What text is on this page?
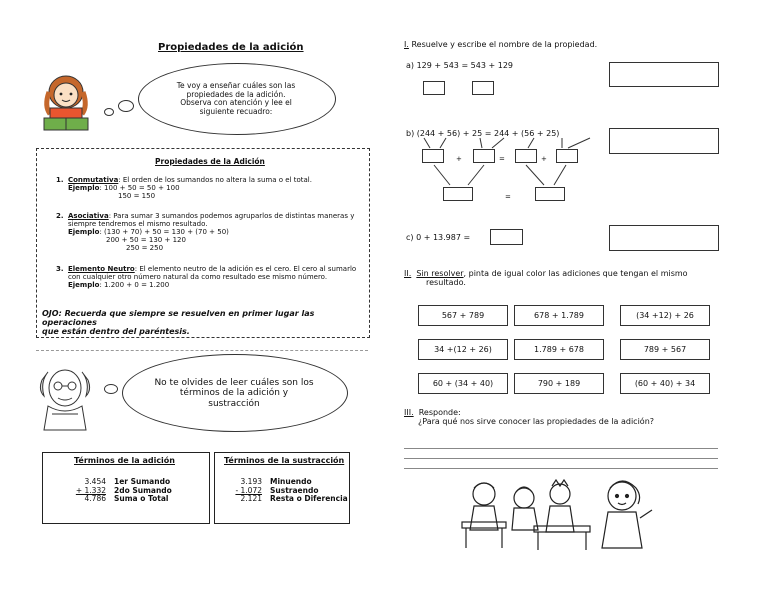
Propiedades de la adición
Te voy a enseñar cuáles son las
propiedades de la adición.
Observa con atención y lee el
siguiente recuadro:
Propiedades de la Adición
1. Conmutativa: El orden de los sumandos no altera la suma o el total.
Ejemplo: 100 + 50 = 50 + 100
150 = 150
2. Asociativa: Para sumar 3 sumandos podemos agruparlos de distintas maneras y
siempre tendremos el mismo resultado.
Ejemplo: (130 + 70) + 50 = 130 + (70 + 50)
200 + 50 = 130 + 120
250 = 250
3. Elemento Neutro: El elemento neutro de la adición es el cero. El cero al sumarlo
con cualquier otro número natural da como resultado ese mismo número.
Ejemplo: 1.200 + 0 = 1.200
OJO: Recuerda que siempre se resuelven en primer lugar las operaciones
que están dentro del paréntesis.
No te olvides de leer cuáles son los
términos de la adición y
sustracción
Términos de la adición
3.454 1er Sumando
+ 1.332 2do Sumando
4.786 Suma o Total
Términos de la sustracción
3.193 Minuendo
- 1.072 Sustraendo
2.121 Resta o Diferencia
I. Resuelve y escribe el nombre de la propiedad.
a) 129 + 543 = 543 + 129
b) (244 + 56) + 25 = 244 + (56 + 25)
+	=	+
=
c) 0 + 13.987 =
II. Sin resolver, pinta de igual color las adiciones que tengan el mismo
resultado.
567 + 789	678 + 1.789	(34 +12) + 26
34 +(12 + 26)	1.789 + 678	789 + 567
60 + (34 + 40)	790 + 189	(60 + 40) + 34
III. Responde:
¿Para qué nos sirve conocer las propiedades de la adición?
